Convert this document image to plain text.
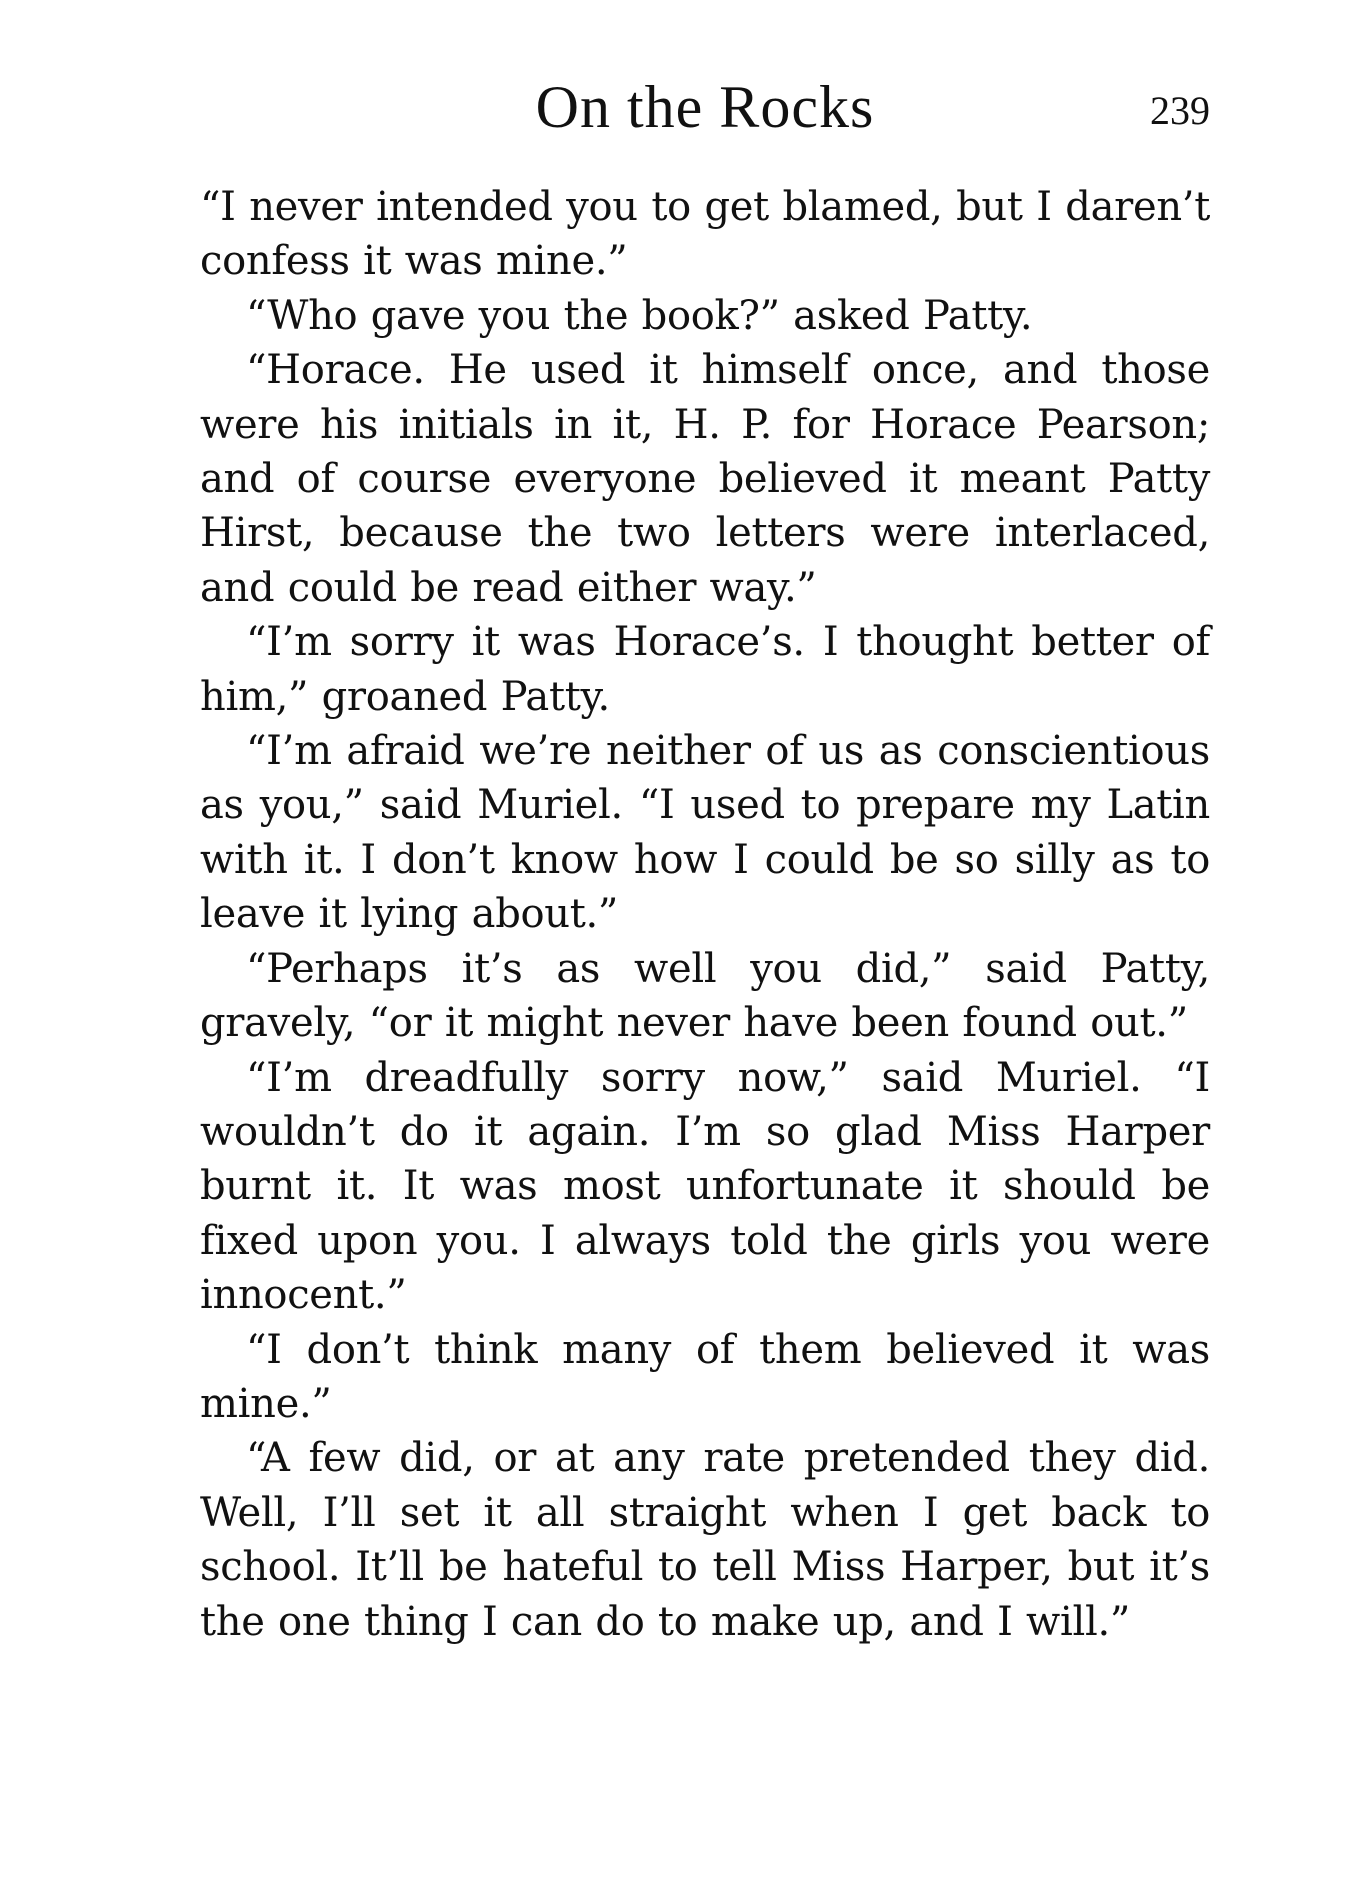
On the Rocks	239

“I never intended you to get blamed, but I daren’t confess it was mine.”

“Who gave you the book?” asked Patty.

“Horace. He used it himself once, and those were his initials in it, H. P. for Horace Pearson; and of course everyone believed it meant Patty Hirst, because the two letters were interlaced, and could be read either way.”

“I’m sorry it was Horace’s. I thought better of him,” groaned Patty.

“I’m afraid we’re neither of us as conscientious as you,” said Muriel. “I used to prepare my Latin with it. I don’t know how I could be so silly as to leave it lying about.”

“Perhaps it’s as well you did,” said Patty, gravely, “or it might never have been found out.”

“I’m dreadfully sorry now,” said Muriel. “I wouldn’t do it again. I’m so glad Miss Harper burnt it. It was most unfortunate it should be fixed upon you. I always told the girls you were innocent.”

“I don’t think many of them believed it was mine.”

“A few did, or at any rate pretended they did. Well, I’ll set it all straight when I get back to school. It’ll be hateful to tell Miss Harper, but it’s the one thing I can do to make up, and I will.”
